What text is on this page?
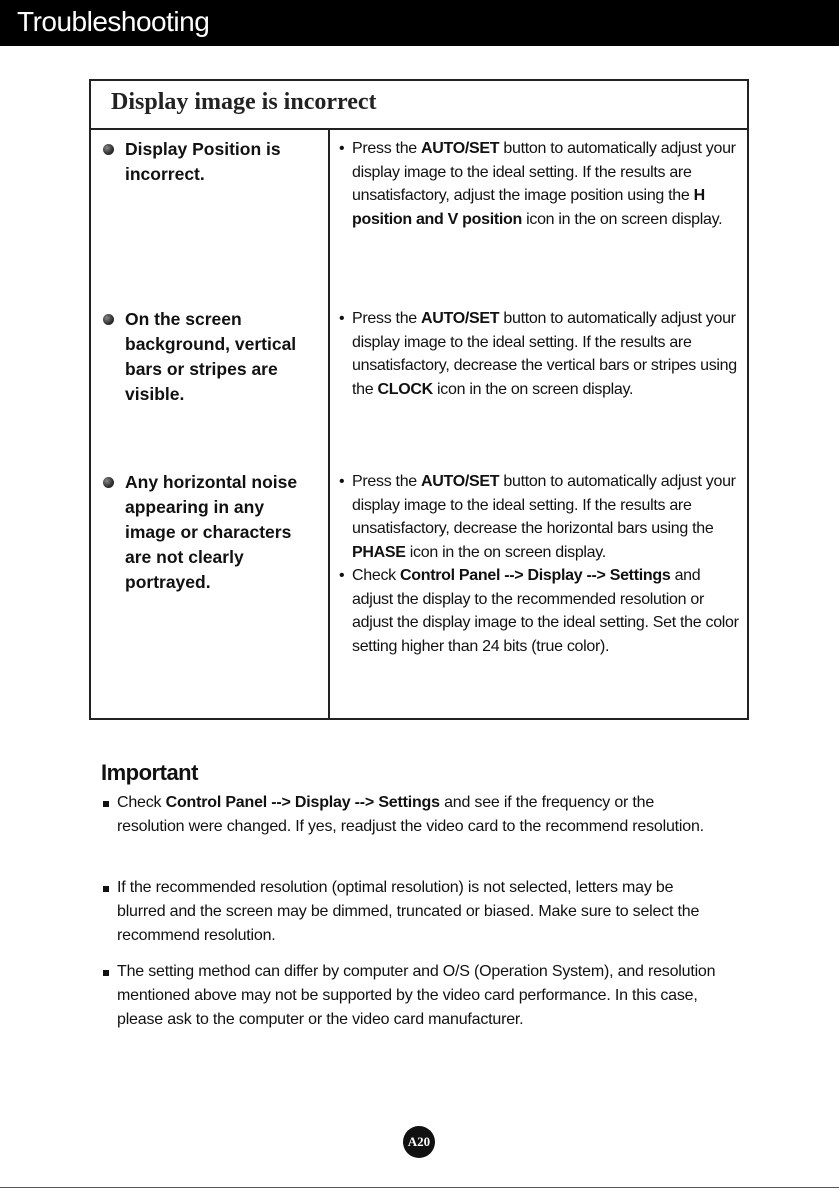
Troubleshooting
Display image is incorrect
Display Position is incorrect.
• Press the AUTO/SET button to automatically adjust your display image to the ideal setting. If the results are unsatisfactory, adjust the image position using the H position and V position icon in the on screen display.
On the screen background, vertical bars or stripes are visible.
• Press the AUTO/SET button to automatically adjust your display image to the ideal setting. If the results are unsatisfactory, decrease the vertical bars or stripes using the CLOCK icon in the on screen display.
Any horizontal noise appearing in any image or characters are not clearly portrayed.
• Press the AUTO/SET button to automatically adjust your display image to the ideal setting. If the results are unsatisfactory, decrease the horizontal bars using the PHASE icon in the on screen display.
• Check Control Panel --> Display --> Settings and adjust the display to the recommended resolution or adjust the display image to the ideal setting. Set the color setting higher than 24 bits (true color).
Important
Check Control Panel --> Display --> Settings and see if the frequency or the resolution were changed. If yes, readjust the video card to the recommend resolution.
If the recommended resolution (optimal resolution) is not selected, letters may be blurred and the screen may be dimmed, truncated or biased. Make sure to select the recommend resolution.
The setting method can differ by computer and O/S (Operation System), and resolution mentioned above may not be supported by the video card performance. In this case, please ask to the computer or the video card manufacturer.
A20
